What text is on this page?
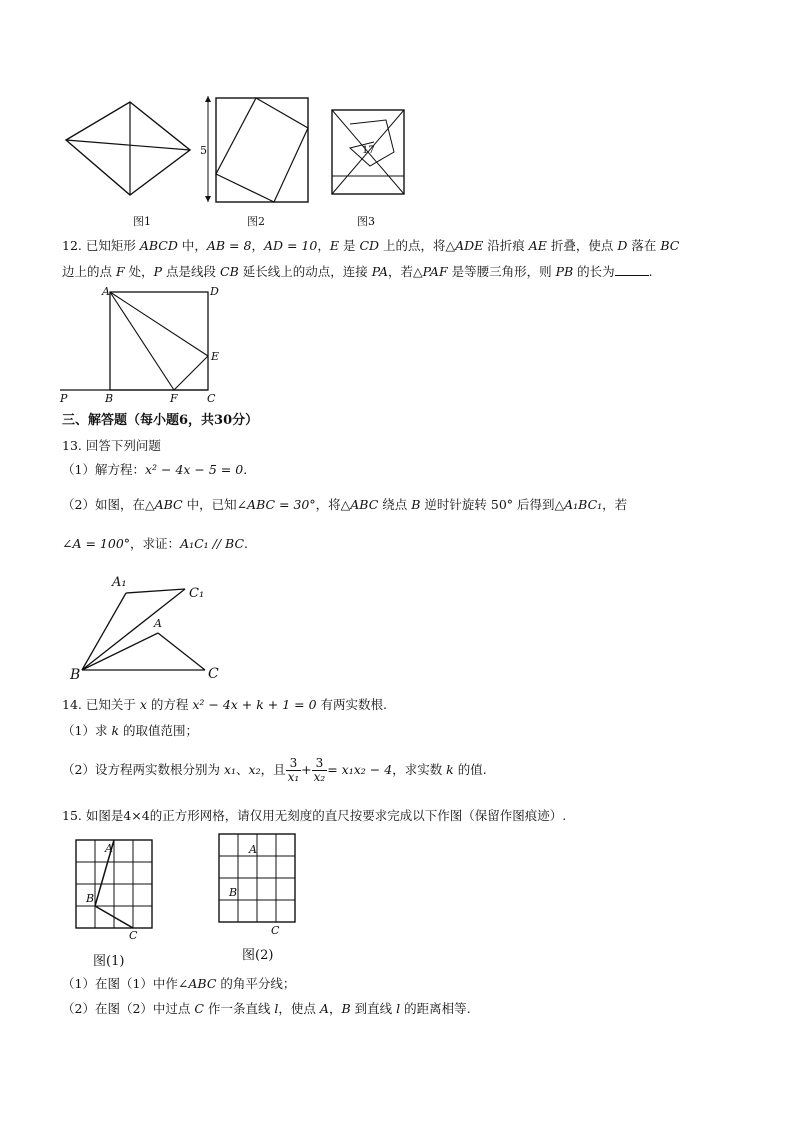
图1
5
图2
17
图3
12. 已知矩形 ABCD 中，AB = 8，AD = 10，E 是 CD 上的点，将△ADE 沿折痕 AE 折叠，使点 D 落在 BC
边上的点 F 处，P 点是线段 CB 延长线上的动点，连接 PA，若△PAF 是等腰三角形，则 PB 的长为	.
A	D
E
P	B	F	C
三、解答题（每小题6，共30分）
13. 回答下列问题
（1）解方程：x² − 4x − 5 = 0.
（2）如图，在△ABC 中，已知∠ABC = 30°，将△ABC 绕点 B 逆时针旋转 50° 后得到△A₁BC₁，若
∠A = 100°，求证：A₁C₁ // BC.
A₁
C₁
A
B	C
14. 已知关于 x 的方程 x² − 4x + k + 1 = 0 有两实数根.
（1）求 k 的取值范围；
（2）设方程两实数根分别为 x₁、x₂，且 $\frac{3}{\text{x₁}} + \frac{3}{\text{x₂}} = x_1x_2 - 4$，求实数 k 的值.
15. 如图是4×4的正方形网格，请仅用无刻度的直尺按要求完成以下作图（保留作图痕迹）.
A
B
C
图(1)
A
B
C
图(2)
（1）在图（1）中作∠ABC 的角平分线；
（2）在图（2）中过点 C 作一条直线 l，使点 A，B 到直线 l 的距离相等.
